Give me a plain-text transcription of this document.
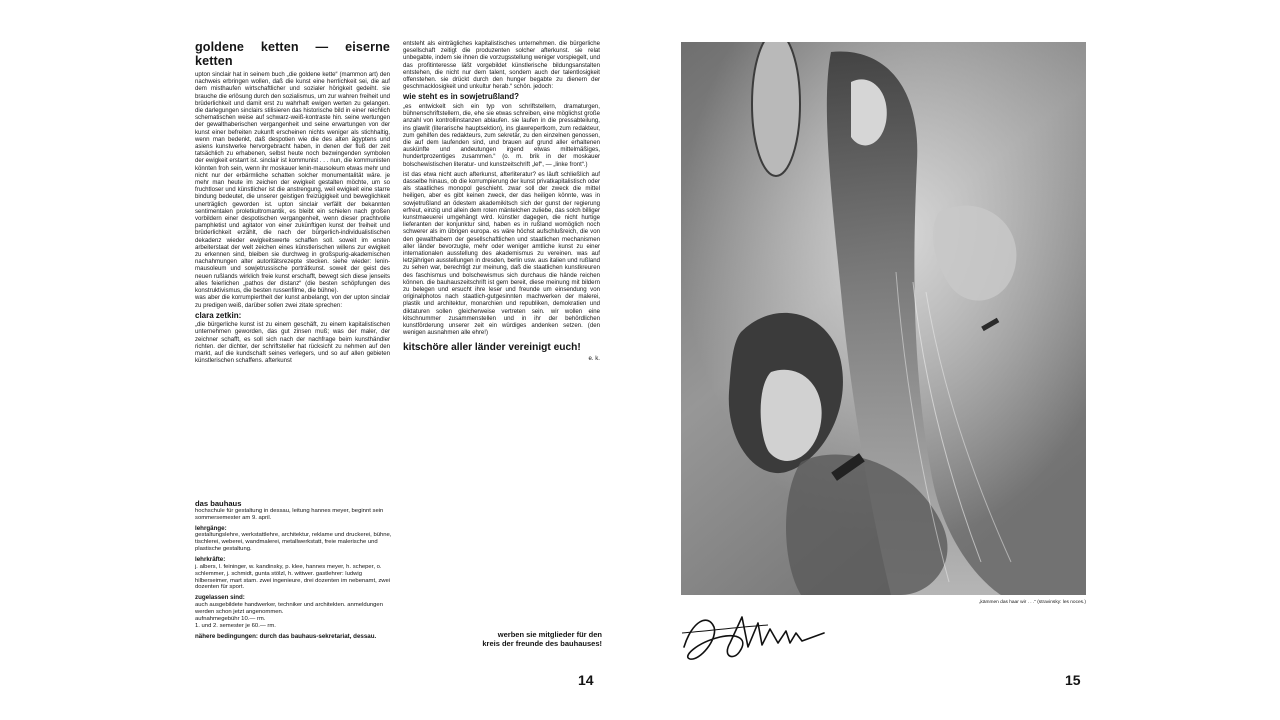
goldene ketten — eiserne ketten

upton sinclair hat in seinem buch „die goldene kette“ (mammon art) den nachweis erbringen wollen, daß die kunst eine herrlichkeit sei, die auf dem misthaufen wirtschaftlicher und sozialer hörigkeit gedeiht. sie brauche die erlösung durch den sozialismus, um zur wahren freiheit und brüderlichkeit und damit erst zu wahrhaft ewigen werten zu gelangen. die darlegungen sinclairs stilisieren das historische bild in einer reichlich schematischen weise auf schwarz-weiß-kontraste hin. seine wertungen der gewalthaberischen vergangenheit und seine erwartungen von der kunst einer befreiten zukunft erscheinen nichts weniger als stichhaltig, wenn man bedenkt, daß despotien wie die des alten ägyptens und asiens kunstwerke hervorgebracht haben, in denen der fluß der zeit tatsächlich zu erhabenen, selbst heute noch bezwingenden symbolen der ewigkeit erstarrt ist. sinclair ist kommunist . . . nun, die kommunisten könnten froh sein, wenn ihr moskauer lenin-mausoleum etwas mehr und nicht nur der erbärmliche schatten solcher monumentalität wäre. je mehr man heute im zeichen der ewigkeit gestalten möchte, um so fruchtloser und künstlicher ist die anstrengung, weil ewigkeit eine starre bindung bedeutet, die unserer geistigen freizügigkeit und beweglichkeit unerträglich geworden ist. upton sinclair verfällt der bekannten sentimentalen proletkultromantik, es bleibt ein schielen nach großen vorbildern einer despotischen vergangenheit, wenn dieser prachtvolle pamphletist und agitator von einer zukünftigen kunst der freiheit und brüderlichkeit erzählt, die nach der bürgerlich-individualistischen dekadenz wieder ewigkeitswerte schaffen soll. soweit im ersten arbeiterstaat der welt zeichen eines künstlerischen willens zur ewigkeit zu erkennen sind, bleiben sie durchweg in großspurig-akademischen nachahmungen alter autoritätsrezepte stecken. siehe wieder: lenin-mausoleum und sowjetrussische porträtkunst. soweit der geist des neuen rußlands wirklich freie kunst erschafft, bewegt sich diese jenseits alles feierlichen „pathos der distanz“ (die besten schöpfungen des konstruktivismus, die besten russenfilme, die bühne).

was aber die korrumpiertheit der kunst anbelangt, von der upton sinclair zu predigen weiß, darüber sollen zwei zitate sprechen:

clara zetkin:

„die bürgerliche kunst ist zu einem geschäft, zu einem kapitalistischen unternehmen geworden, das gut zinsen muß; was der maler, der zeichner schafft, es soll sich nach der nachfrage beim kunsthändler richten. der dichter, der schriftsteller hat rücksicht zu nehmen auf den markt, auf die kundschaft seines verlegers, und so auf allen gebieten künstlerischen schaffens. afterkunst

entsteht als einträgliches kapitalistisches unternehmen. die bürgerliche gesellschaft zeitigt die produzenten solcher afterkunst. sie relat unbegabte, indem sie ihnen die vorzugsstellung weniger vorspiegelt, und das profitinteresse läßt vorgebildet künstlerische bildungsanstalten entstehen, die nicht nur dem talent, sondern auch der talentlosigkeit offenstehen. sie drückt durch den hunger begabte zu dienern der geschmacklosigkeit und unkultur herab.“ schön. jedoch:

wie steht es in sowjetrußland?

„es entwickelt sich ein typ von schriftstellern, dramaturgen, bühnenschriftstellern, die, ehe sie etwas schreiben, eine möglichst große anzahl von kontrollinstanzen ablaufen. sie laufen in die pressabteilung, ins glawlit (literarische hauptsektion), ins glawrepertkom, zum redakteur, zum gehilfen des redakteurs, zum sekretär, zu den einzelnen genossen, die auf dem laufenden sind, und brauen auf grund aller erhaltenen auskünfte und andeutungen irgend etwas mittelmäßiges, hundertprozentiges zusammen.“ (o. m. brik in der moskauer bolschewistischen literatur- und kunstzeitschrift „lef“, — „linke front“.)

ist das etwa nicht auch afterkunst, afterliteratur? es läuft schließlich auf dasselbe hinaus, ob die korrumpierung der kunst privatkapitalistisch oder als staatliches monopol geschieht. zwar soll der zweck die mittel heiligen, aber es gibt keinen zweck, der das heiligen könnte, was in sowjetrußland an ödestem akademikitsch sich der gunst der regierung erfreut, einzig und allein dem roten mäntelchen zuliebe, das solch billiger kunstmaeuerei umgehängt wird. künstler dagegen, die nicht hurtige lieferanten der konjunktur sind, haben es in rußland womöglich noch schwerer als im übrigen europa. es wäre höchst aufschlußreich, die von den gewalthabern der gesellschaftlichen und staatlichen mechanismen aller länder bevorzugte, mehr oder weniger amtliche kunst zu einer internationalen ausstellung des akademismus zu vereinen. was auf letzjährigen ausstellungen in dresden, berlin usw. aus italien und rußland zu sehen war, berechtigt zur meinung, daß die staatlichen kunstkreuren des faschismus und bolschewismus sich durchaus die hände reichen können. die bauhauszeitschrift ist gern bereit, diese meinung mit bildern zu belegen und ersucht ihre leser und freunde um einsendung von originalphotos nach staatlich-gutgesinnten machwerken der malerei, plastik und architektur, monarchien und republiken, demokratien und diktaturen sollen gleicherweise vertreten sein. wir wollen eine kitschnummer zusammenstellen und in ihr der behördlichen kunstförderung unserer zeit ein würdiges andenken setzen. (den wenigen ausnahmen alle ehre!)

kitschöre aller länder vereinigt euch!
e. k.

das bauhaus

hochschule für gestaltung in dessau, leitung hannes meyer, beginnt sein sommersemester am 9. april.

lehrgänge:

gestaltungslehre, werkstattlehre, architektur, reklame und druckerei, bühne, tischlerei, weberei, wandmalerei, metallwerkstatt, freie malerische und plastische gestaltung.

lehrkräfte:

j. albers, l. feininger, w. kandinsky, p. klee, hannes meyer, h. scheper, o. schlemmer, j. schmidt, gunta stölzl, h. wittwer. gastlehrer: ludwig hilberseimer, mart stam. zwei ingenieure, drei dozenten im nebenamt, zwei dozenten für sport.

zugelassen sind:

auch ausgebildete handwerker, techniker und architekten. anmeldungen werden schon jetzt angenommen.

aufnahmegebühr 10.— rm.

1. und 2. semester je 60.— rm.

nähere bedingungen: durch das bauhaus-sekretariat, dessau.	werben sie mitglieder für den
kreis der freunde des bauhauses!
14
„kämmen das haar wir . . .“ (stravinsky: les noces.)
15
